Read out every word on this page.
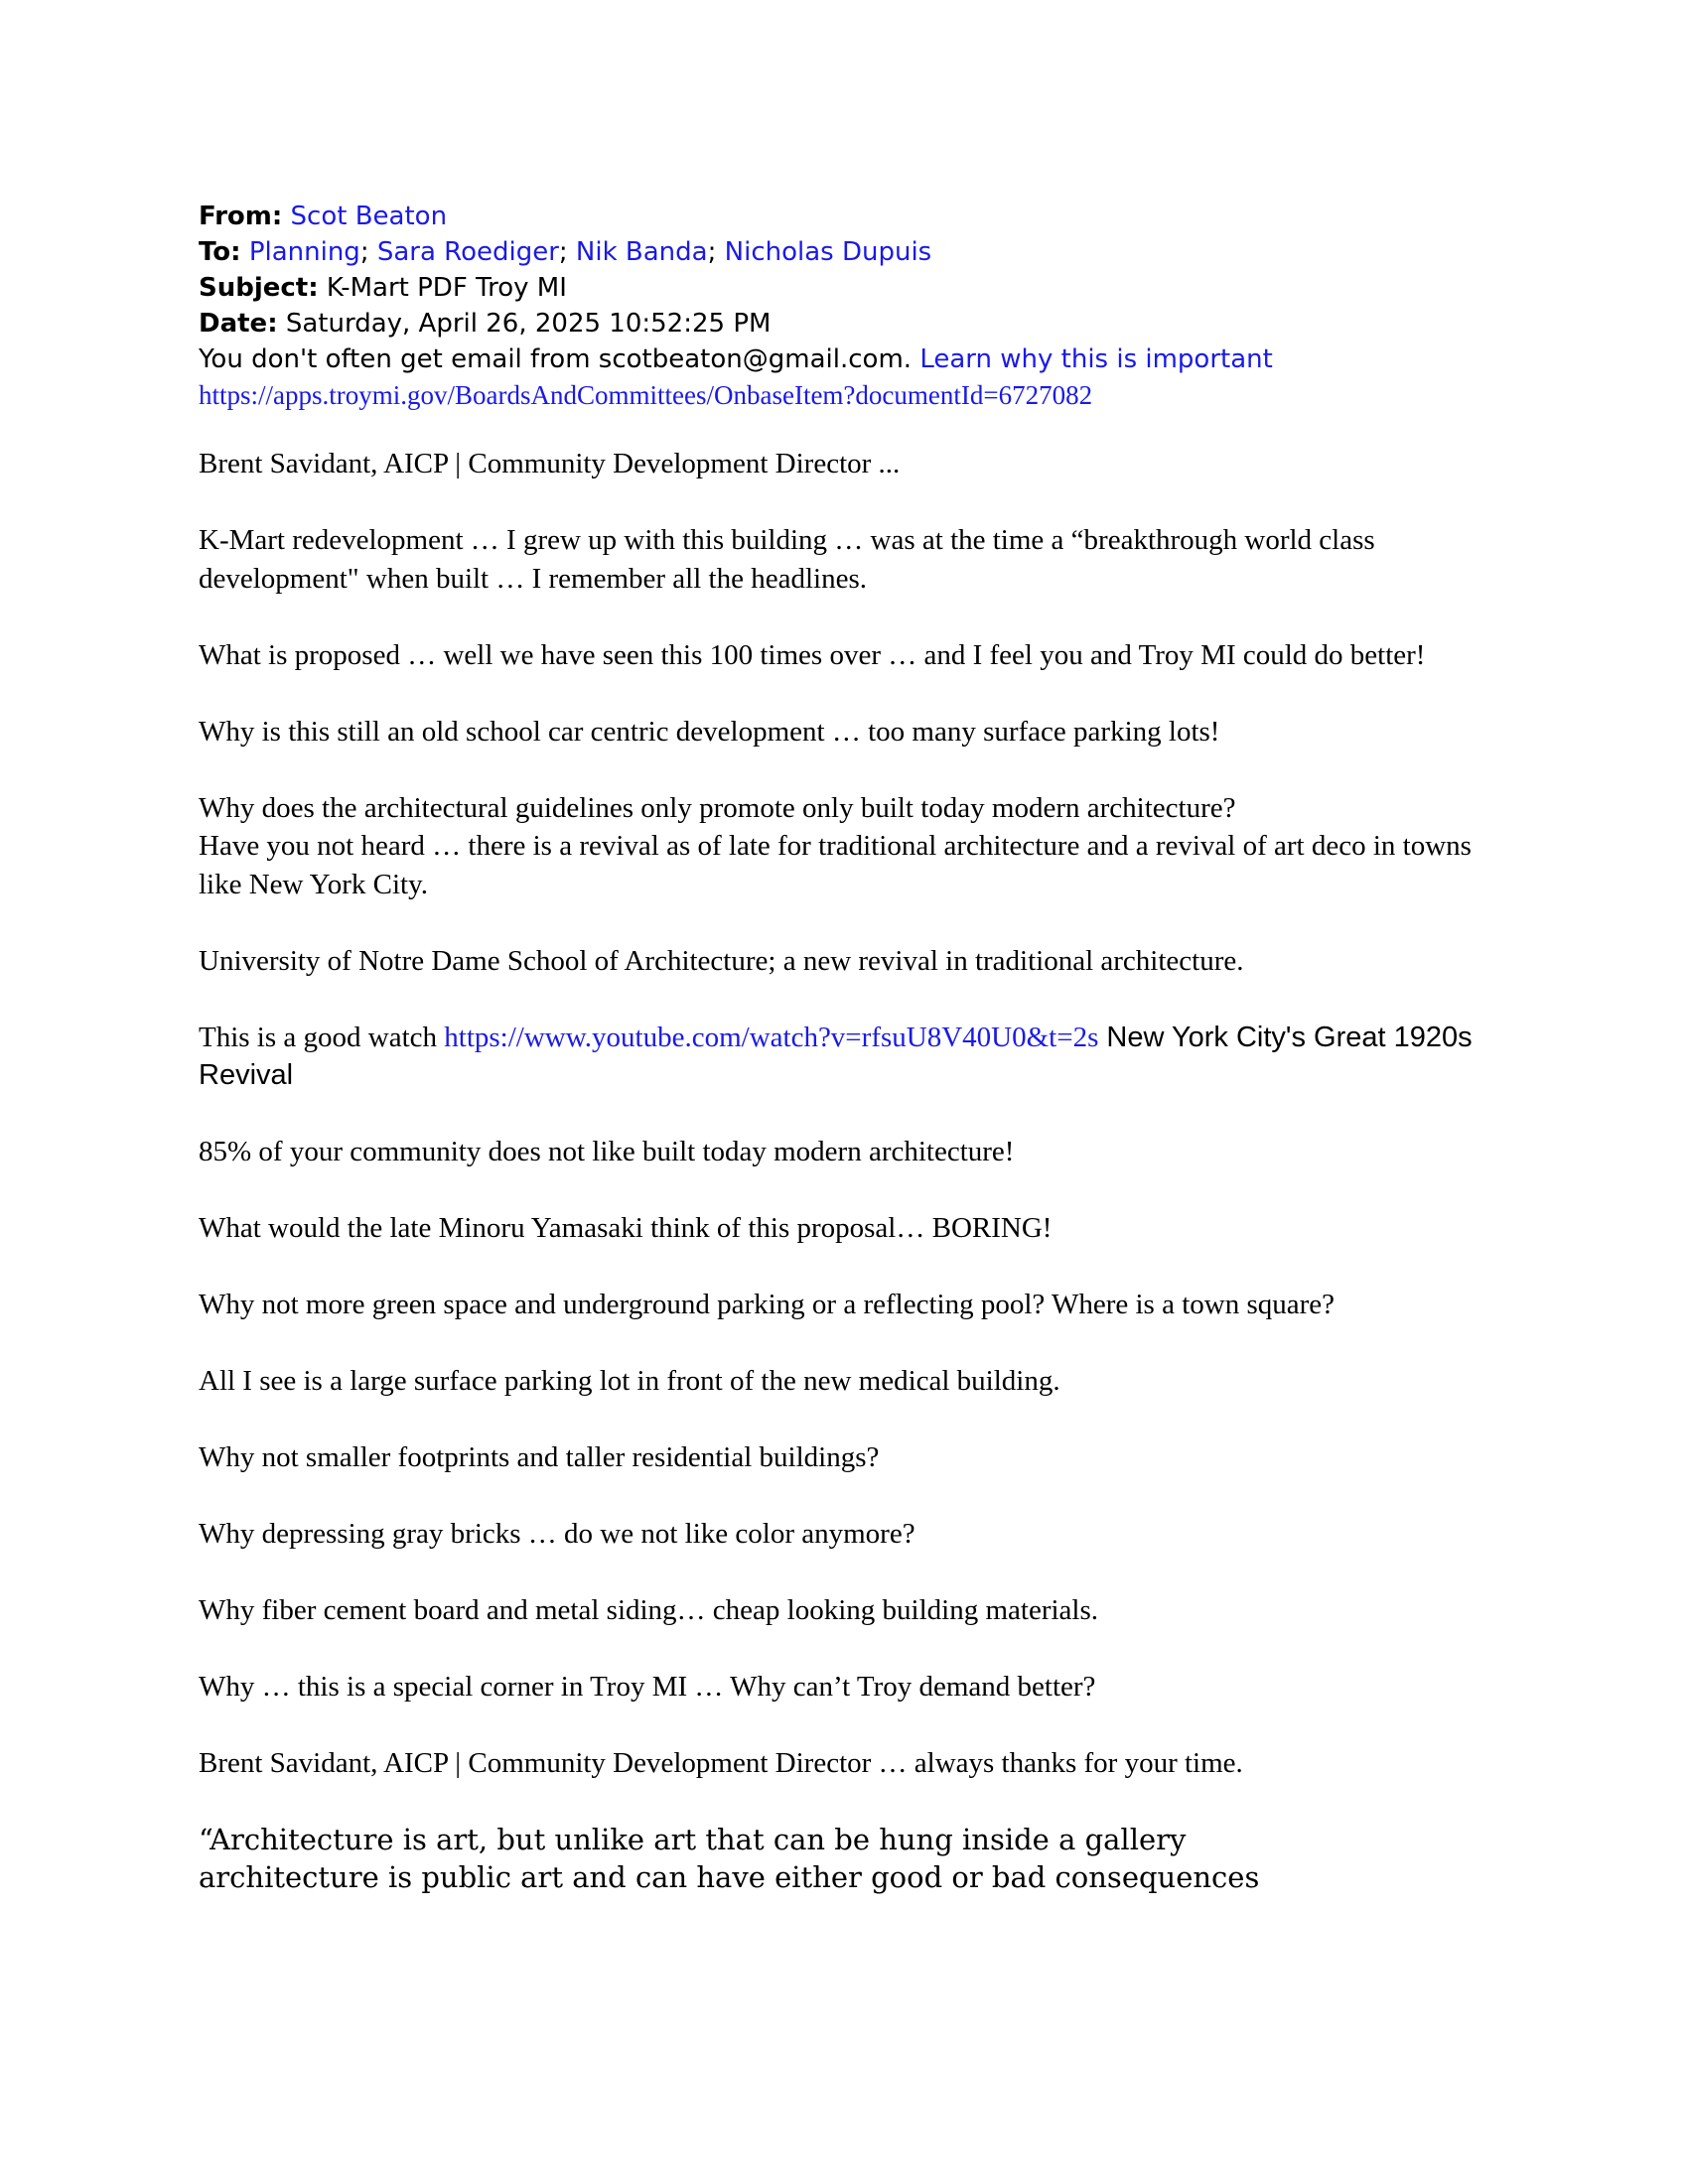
From: Scot Beaton
To: Planning; Sara Roediger; Nik Banda; Nicholas Dupuis
Subject: K-Mart PDF Troy MI
Date: Saturday, April 26, 2025 10:52:25 PM
You don't often get email from scotbeaton@gmail.com. Learn why this is important
https://apps.troymi.gov/BoardsAndCommittees/OnbaseItem?documentId=6727082

Brent Savidant, AICP | Community Development Director ...

K-Mart redevelopment … I grew up with this building … was at the time a “breakthrough world class development" when built … I remember all the headlines.

What is proposed … well we have seen this 100 times over … and I feel you and Troy MI could do better!

Why is this still an old school car centric development … too many surface parking lots!

Why does the architectural guidelines only promote only built today modern architecture?
Have you not heard … there is a revival as of late for traditional architecture and a revival of art deco in towns like New York City.

University of Notre Dame School of Architecture; a new revival in traditional architecture.

This is a good watch https://www.youtube.com/watch?v=rfsuU8V40U0&t=2s New York City's Great 1920s Revival

85% of your community does not like built today modern architecture!

What would the late Minoru Yamasaki think of this proposal… BORING!

Why not more green space and underground parking or a reflecting pool? Where is a town square?

All I see is a large surface parking lot in front of the new medical building.

Why not smaller footprints and taller residential buildings?

Why depressing gray bricks … do we not like color anymore?

Why fiber cement board and metal siding… cheap looking building materials.

Why … this is a special corner in Troy MI … Why can’t Troy demand better?

Brent Savidant, AICP | Community Development Director … always thanks for your time.

“Architecture is art, but unlike art that can be hung inside a gallery
architecture is public art and can have either good or bad consequences
